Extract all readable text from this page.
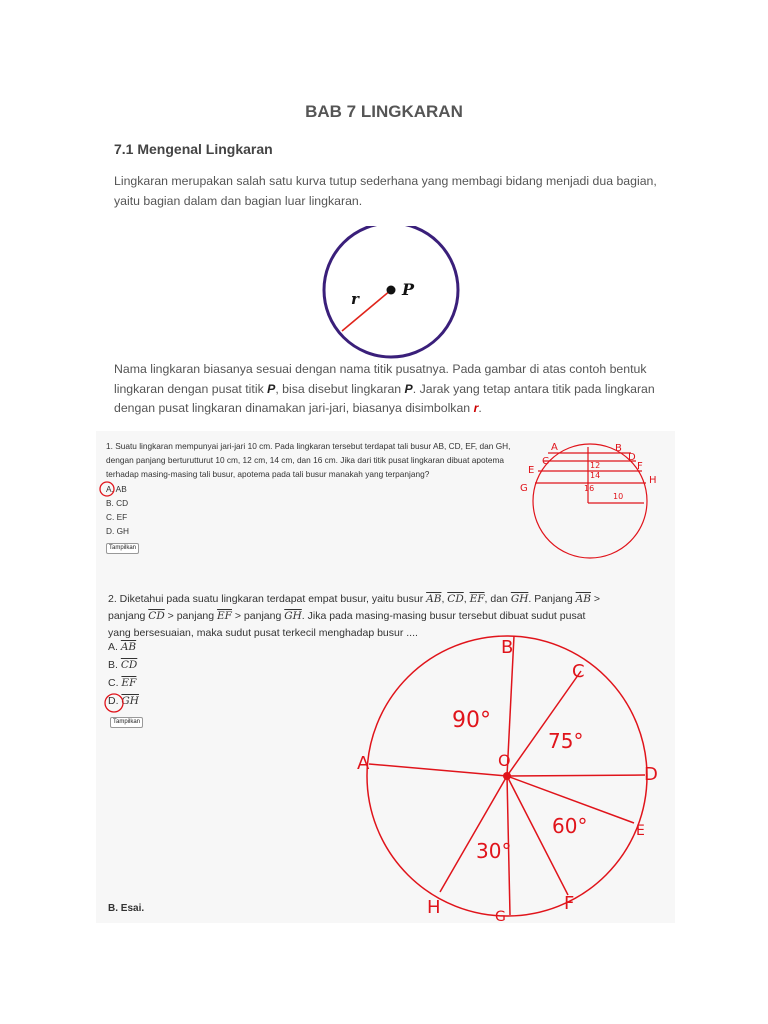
BAB 7 LINGKARAN
7.1 Mengenal Lingkaran
Lingkaran merupakan salah satu kurva tutup sederhana yang membagi bidang menjadi dua bagian, yaitu bagian dalam dan bagian luar lingkaran.
P
r
Nama lingkaran biasanya sesuai dengan nama titik pusatnya. Pada gambar di atas contoh bentuk lingkaran dengan pusat titik P, bisa disebut lingkaran P. Jarak yang tetap antara titik pada lingkaran dengan pusat lingkaran dinamakan jari-jari, biasanya disimbolkan r.
1. Suatu lingkaran mempunyai jari-jari 10 cm. Pada lingkaran tersebut terdapat tali busur AB, CD, EF, dan GH, dengan panjang berturutturut 10 cm, 12 cm, 14 cm, dan 16 cm. Jika dari titik pusat lingkaran dibuat apotema terhadap masing-masing tali busur, apotema pada tali busur manakah yang terpanjang?
A. AB
B. CD
C. EF
D. GH
Tampilkan
A	B
C	D
E	F
H
G
12
14
16
10
2. Diketahui pada suatu lingkaran terdapat empat busur, yaitu busur $\overline{AB}$, $\overline{CD}$, $\overline{EF}$, dan $\overline{GH}$. Panjang $\overline{AB}$ > panjang $\overline{CD}$ > panjang $\overline{EF}$ > panjang $\overline{GH}$. Jika pada masing-masing busur tersebut dibuat sudut pusat yang bersesuaian, maka sudut pusat terkecil menghadap busur ....
A. $\overline{AB}$
B. $\overline{CD}$
C. $\overline{EF}$
D. $\overline{GH}$
Tampilkan
B. Esai.
B
C
D
E
F
G
H
A	O
90°
75°
60°
30°
